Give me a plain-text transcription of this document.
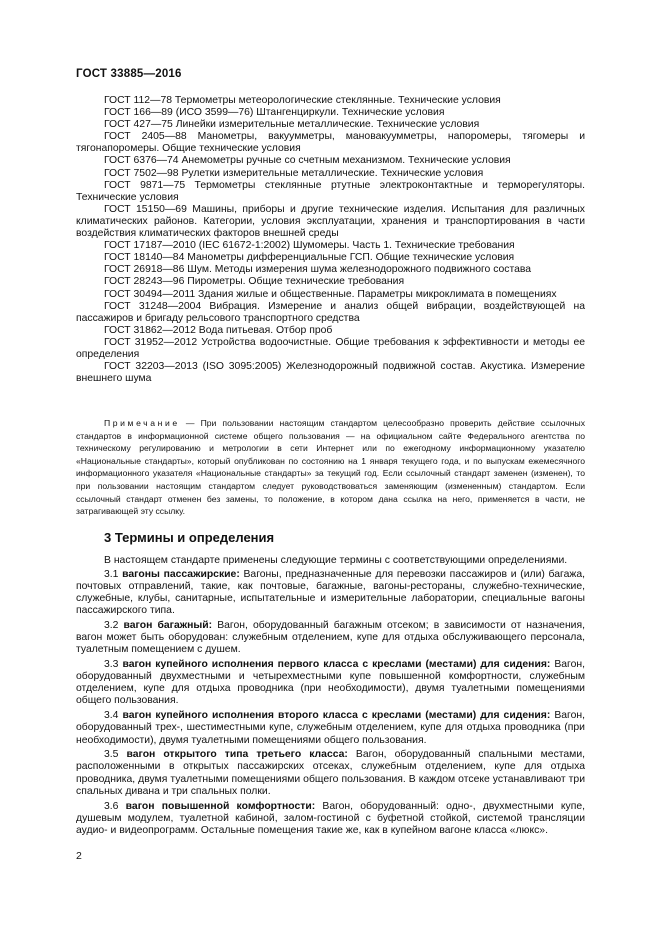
ГОСТ 33885—2016

ГОСТ 112—78 Термометры метеорологические стеклянные. Технические условия

ГОСТ 166—89 (ИСО 3599—76) Штангенциркули. Технические условия

ГОСТ 427—75 Линейки измерительные металлические. Технические условия

ГОСТ 2405—88 Манометры, вакуумметры, мановакуумметры, напоромеры, тягомеры и тягонапоромеры. Общие технические условия

ГОСТ 6376—74 Анемометры ручные со счетным механизмом. Технические условия

ГОСТ 7502—98 Рулетки измерительные металлические. Технические условия

ГОСТ 9871—75 Термометры стеклянные ртутные электроконтактные и терморегуляторы. Технические условия

ГОСТ 15150—69 Машины, приборы и другие технические изделия. Испытания для различных климатических районов. Категории, условия эксплуатации, хранения и транспортирования в части воздействия климатических факторов внешней среды

ГОСТ 17187—2010 (IEC 61672-1:2002) Шумомеры. Часть 1. Технические требования

ГОСТ 18140—84 Манометры дифференциальные ГСП. Общие технические условия

ГОСТ 26918—86 Шум. Методы измерения шума железнодорожного подвижного состава

ГОСТ 28243—96 Пирометры. Общие технические требования

ГОСТ 30494—2011 Здания жилые и общественные. Параметры микроклимата в помещениях

ГОСТ 31248—2004 Вибрация. Измерение и анализ общей вибрации, воздействующей на пассажиров и бригаду рельсового транспортного средства

ГОСТ 31862—2012 Вода питьевая. Отбор проб

ГОСТ 31952—2012 Устройства водоочистные. Общие требования к эффективности и методы ее определения

ГОСТ 32203—2013 (ISO 3095:2005) Железнодорожный подвижной состав. Акустика. Измерение внешнего шума

Примечание — При пользовании настоящим стандартом целесообразно проверить действие ссылочных стандартов в информационной системе общего пользования — на официальном сайте Федерального агентства по техническому регулированию и метрологии в сети Интернет или по ежегодному информационному указателю «Национальные стандарты», который опубликован по состоянию на 1 января текущего года, и по выпускам ежемесячного информационного указателя «Национальные стандарты» за текущий год. Если ссылочный стандарт заменен (изменен), то при пользовании настоящим стандартом следует руководствоваться заменяющим (измененным) стандартом. Если ссылочный стандарт отменен без замены, то положение, в котором дана ссылка на него, применяется в части, не затрагивающей эту ссылку.

3 Термины и определения

В настоящем стандарте применены следующие термины с соответствующими определениями.

3.1 вагоны пассажирские: Вагоны, предназначенные для перевозки пассажиров и (или) багажа, почтовых отправлений, такие, как почтовые, багажные, вагоны-рестораны, служебно-технические, служебные, клубы, санитарные, испытательные и измерительные лаборатории, специальные вагоны пассажирского типа.

3.2 вагон багажный: Вагон, оборудованный багажным отсеком; в зависимости от назначения, вагон может быть оборудован: служебным отделением, купе для отдыха обслуживающего персонала, туалетным помещением с душем.

3.3 вагон купейного исполнения первого класса с креслами (местами) для сидения: Вагон, оборудованный двухместными и четырехместными купе повышенной комфортности, служебным отделением, купе для отдыха проводника (при необходимости), двумя туалетными помещениями общего пользования.

3.4 вагон купейного исполнения второго класса с креслами (местами) для сидения: Вагон, оборудованный трех-, шестиместными купе, служебным отделением, купе для отдыха проводника (при необходимости), двумя туалетными помещениями общего пользования.

3.5 вагон открытого типа третьего класса: Вагон, оборудованный спальными местами, расположенными в открытых пассажирских отсеках, служебным отделением, купе для отдыха проводника, двумя туалетными помещениями общего пользования. В каждом отсеке устанавливают три спальных дивана и три спальных полки.

3.6 вагон повышенной комфортности: Вагон, оборудованный: одно-, двухместными купе, душевым модулем, туалетной кабиной, залом-гостиной с буфетной стойкой, системой трансляции аудио- и видеопрограмм. Остальные помещения такие же, как в купейном вагоне класса «люкс».

2
